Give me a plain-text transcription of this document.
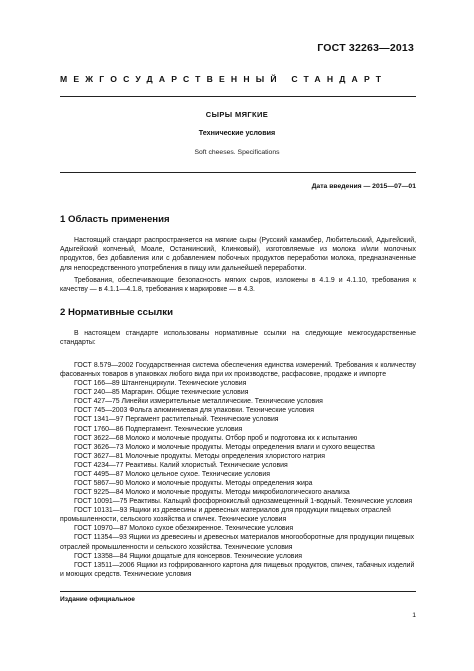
ГОСТ 32263—2013
МЕЖГОСУДАРСТВЕННЫЙ СТАНДАРТ
СЫРЫ МЯГКИЕ
Технические условия
Soft cheeses. Specifications
Дата введения — 2015—07—01
1 Область применения

Настоящий стандарт распространяется на мягкие сыры (Русский камамбер, Любительский, Адыгейский, Адыгейский копченый, Моале, Останкинский, Клинковый), изготовляемые из молока и/или молочных продуктов, без добавления или с добавлением побочных продуктов переработки молока, предназначенные для непосредственного употребления в пищу или дальнейшей переработки.

Требования, обеспечивающие безопасность мягких сыров, изложены в 4.1.9 и 4.1.10, требования к качеству — в 4.1.1—4.1.8, требования к маркировке — в 4.3.

2 Нормативные ссылки

В настоящем стандарте использованы нормативные ссылки на следующие межгосударственные стандарты:

ГОСТ 8.579—2002 Государственная система обеспечения единства измерений. Требования к количеству фасованных товаров в упаковках любого вида при их производстве, расфасовке, продаже и импорте
ГОСТ 166—89 Штангенциркули. Технические условия
ГОСТ 240—85 Маргарин. Общие технические условия
ГОСТ 427—75 Линейки измерительные металлические. Технические условия
ГОСТ 745—2003 Фольга алюминиевая для упаковки. Технические условия
ГОСТ 1341—97 Пергамент растительный. Технические условия
ГОСТ 1760—86 Подпергамент. Технические условия
ГОСТ 3622—68 Молоко и молочные продукты. Отбор проб и подготовка их к испытанию
ГОСТ 3626—73 Молоко и молочные продукты. Методы определения влаги и сухого вещества
ГОСТ 3627—81 Молочные продукты. Методы определения хлористого натрия
ГОСТ 4234—77 Реактивы. Калий хлористый. Технические условия
ГОСТ 4495—87 Молоко цельное сухое. Технические условия
ГОСТ 5867—90 Молоко и молочные продукты. Методы определения жира
ГОСТ 9225—84 Молоко и молочные продукты. Методы микробиологического анализа
ГОСТ 10091—75 Реактивы. Кальций фосфорнокислый однозамещенный 1-водный. Технические условия
ГОСТ 10131—93 Ящики из древесины и древесных материалов для продукции пищевых отраслей промышленности, сельского хозяйства и спичек. Технические условия
ГОСТ 10970—87 Молоко сухое обезжиренное. Технические условия
ГОСТ 11354—93 Ящики из древесины и древесных материалов многооборотные для продукции пищевых отраслей промышленности и сельского хозяйства. Технические условия
ГОСТ 13358—84 Ящики дощатые для консервов. Технические условия
ГОСТ 13511—2006 Ящики из гофрированного картона для пищевых продуктов, спичек, табачных изделий и моющих средств. Технические условия
Издание официальное
1
